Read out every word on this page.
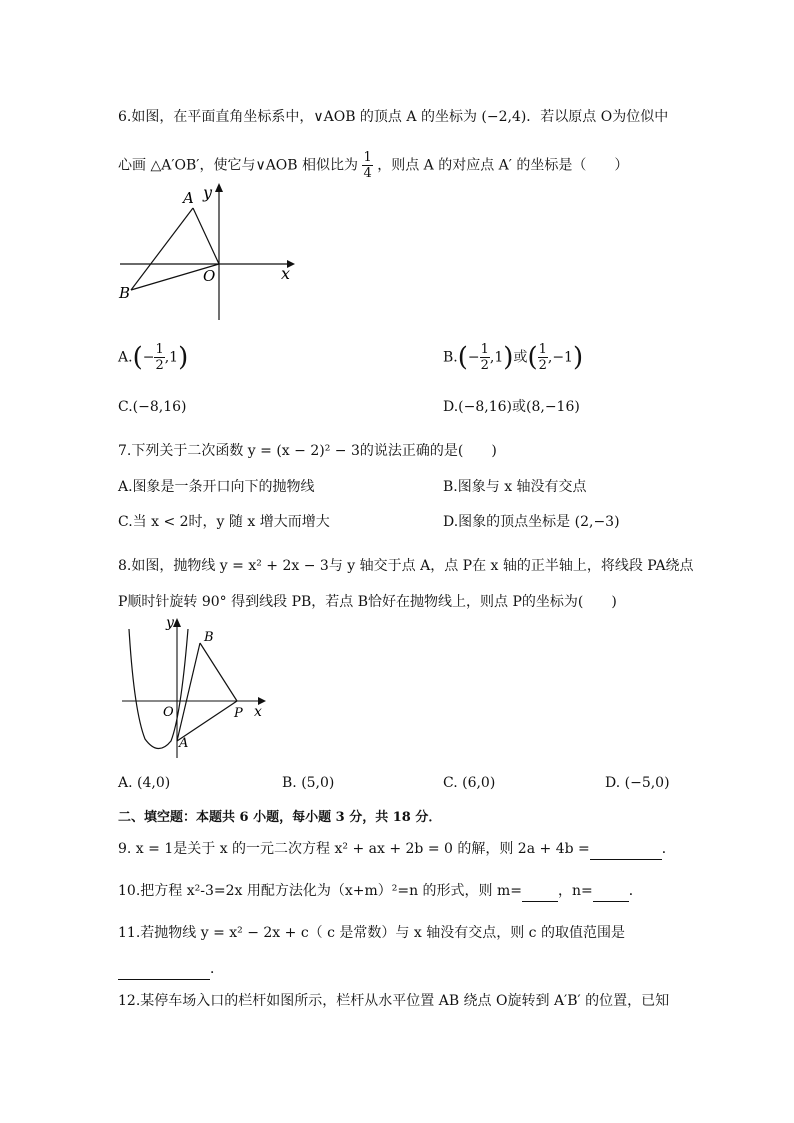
6.如图，在平面直角坐标系中，∨AOB 的顶点 A 的坐标为 (−2,4)．若以原点 O为位似中
心画 △A′OB′，使它与∨AOB 相似比为 $\frac{1}{4}$ ，则点 A 的对应点 A′ 的坐标是（　　）
A
B
O	x
y
$A.(- \frac{1}{2} ,1)$	$B.(- \frac{1}{2} ,1)$或( $\frac{1}{2} ,-1$)
C.(−8,16)	D.(−8,16)或(8,−16)
7.下列关于二次函数 y = (x − 2)² − 3的说法正确的是(　　)
A.图象是一条开口向下的抛物线	B.图象与 x 轴没有交点
C.当 x < 2时，y 随 x 增大而增大	D.图象的顶点坐标是 (2,−3)
8.如图，抛物线 y = x² + 2x − 3与 y 轴交于点 A，点 P在 x 轴的正半轴上，将线段 PA绕点
P顺时针旋转 90° 得到线段 PB，若点 B恰好在抛物线上，则点 P的坐标为(　　)
B
O	P
A
x
y
A. (4,0)	B. (5,0)	C. (6,0)	D. (−5,0)
二、填空题：本题共 6 小题，每小题 3 分，共 18 分．
9. x = 1是关于 x 的一元二次方程 x² + ax + 2b = 0 的解，则 2a + 4b =	．
10.把方程 x²-3=2x 用配方法化为（x+m）²=n 的形式，则 m=	，n=	．
11.若抛物线 y = x² − 2x + c（ c 是常数）与 x 轴没有交点，则 c 的取值范围是
．
12.某停车场入口的栏杆如图所示，栏杆从水平位置 AB 绕点 O旋转到 A′B′ 的位置，已知
